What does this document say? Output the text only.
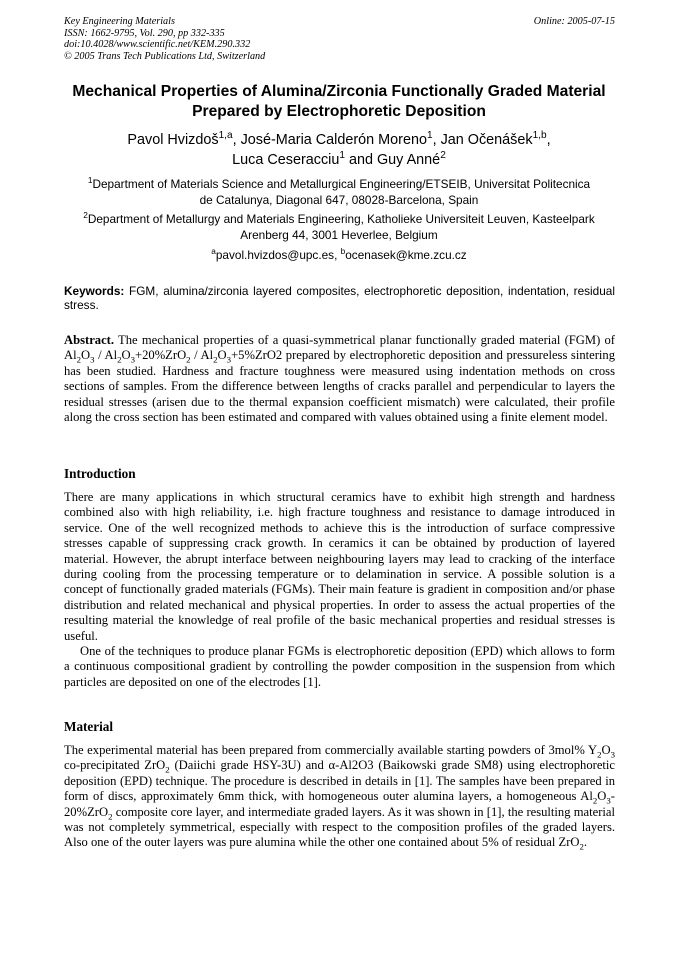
Key Engineering Materials
ISSN: 1662-9795, Vol. 290, pp 332-335
doi:10.4028/www.scientific.net/KEM.290.332
© 2005 Trans Tech Publications Ltd, Switzerland
Online: 2005-07-15
Mechanical Properties of Alumina/Zirconia Functionally Graded Material
Prepared by Electrophoretic Deposition
Pavol Hvizdoš$^{1,a}$, José-Maria Calderón Moreno$^1$, Jan Očenášek$^{1,b}$,
Luca Ceseracciu$^1$ and Guy Anné$^2$
$^1$Department of Materials Science and Metallurgical Engineering/ETSEIB, Universitat Politecnica
de Catalunya, Diagonal 647, 08028-Barcelona, Spain
$^2$Department of Metallurgy and Materials Engineering, Katholieke Universiteit Leuven, Kasteelpark
Arenberg 44, 3001 Heverlee, Belgium
$^a$pavol.hvizdos@upc.es, $^b$ocenasek@kme.zcu.cz
Keywords: FGM, alumina/zirconia layered composites, electrophoretic deposition, indentation, residual stress.

Abstract. The mechanical properties of a quasi-symmetrical planar functionally graded material (FGM) of $Al_2O_3 / Al_2O_3+20\%ZrO_2 / Al_2O_3+5\%ZrO2$ prepared by electrophoretic deposition and pressureless sintering has been studied. Hardness and fracture toughness were measured using indentation methods on cross sections of samples. From the difference between lengths of cracks parallel and perpendicular to layers the residual stresses (arisen due to the thermal expansion coefficient mismatch) were calculated, their profile along the cross section has been estimated and compared with values obtained using a finite element model.

Introduction

There are many applications in which structural ceramics have to exhibit high strength and hardness combined also with high reliability, i.e. high fracture toughness and resistance to damage introduced in service. One of the well recognized methods to achieve this is the introduction of surface compressive stresses capable of suppressing crack growth. In ceramics it can be obtained by production of layered material. However, the abrupt interface between neighbouring layers may lead to cracking of the interface during cooling from the processing temperature or to delamination in service. A possible solution is a concept of functionally graded materials (FGMs). Their main feature is gradient in composition and/or phase distribution and related mechanical and physical properties. In order to assess the actual properties of the resulting material the knowledge of real profile of the basic mechanical properties and residual stresses is useful.

One of the techniques to produce planar FGMs is electrophoretic deposition (EPD) which allows to form a continuous compositional gradient by controlling the powder composition in the suspension from which particles are deposited on one of the electrodes [1].

Material

The experimental material has been prepared from commercially available starting powders of 3mol% $Y_2O_3$ co-precipitated ZrO$_2$ (Daiichi grade HSY-3U) and α-Al2O3 (Baikowski grade SM8) using electrophoretic deposition (EPD) technique. The procedure is described in details in [1]. The samples have been prepared in form of discs, approximately 6mm thick, with homogeneous outer alumina layers, a homogeneous $Al_2O_3-20\%ZrO_2$ composite core layer, and intermediate graded layers. As it was shown in [1], the resulting material was not completely symmetrical, especially with respect to the composition profiles of the graded layers. Also one of the outer layers was pure alumina while the other one contained about 5% of residual ZrO$_2$.
